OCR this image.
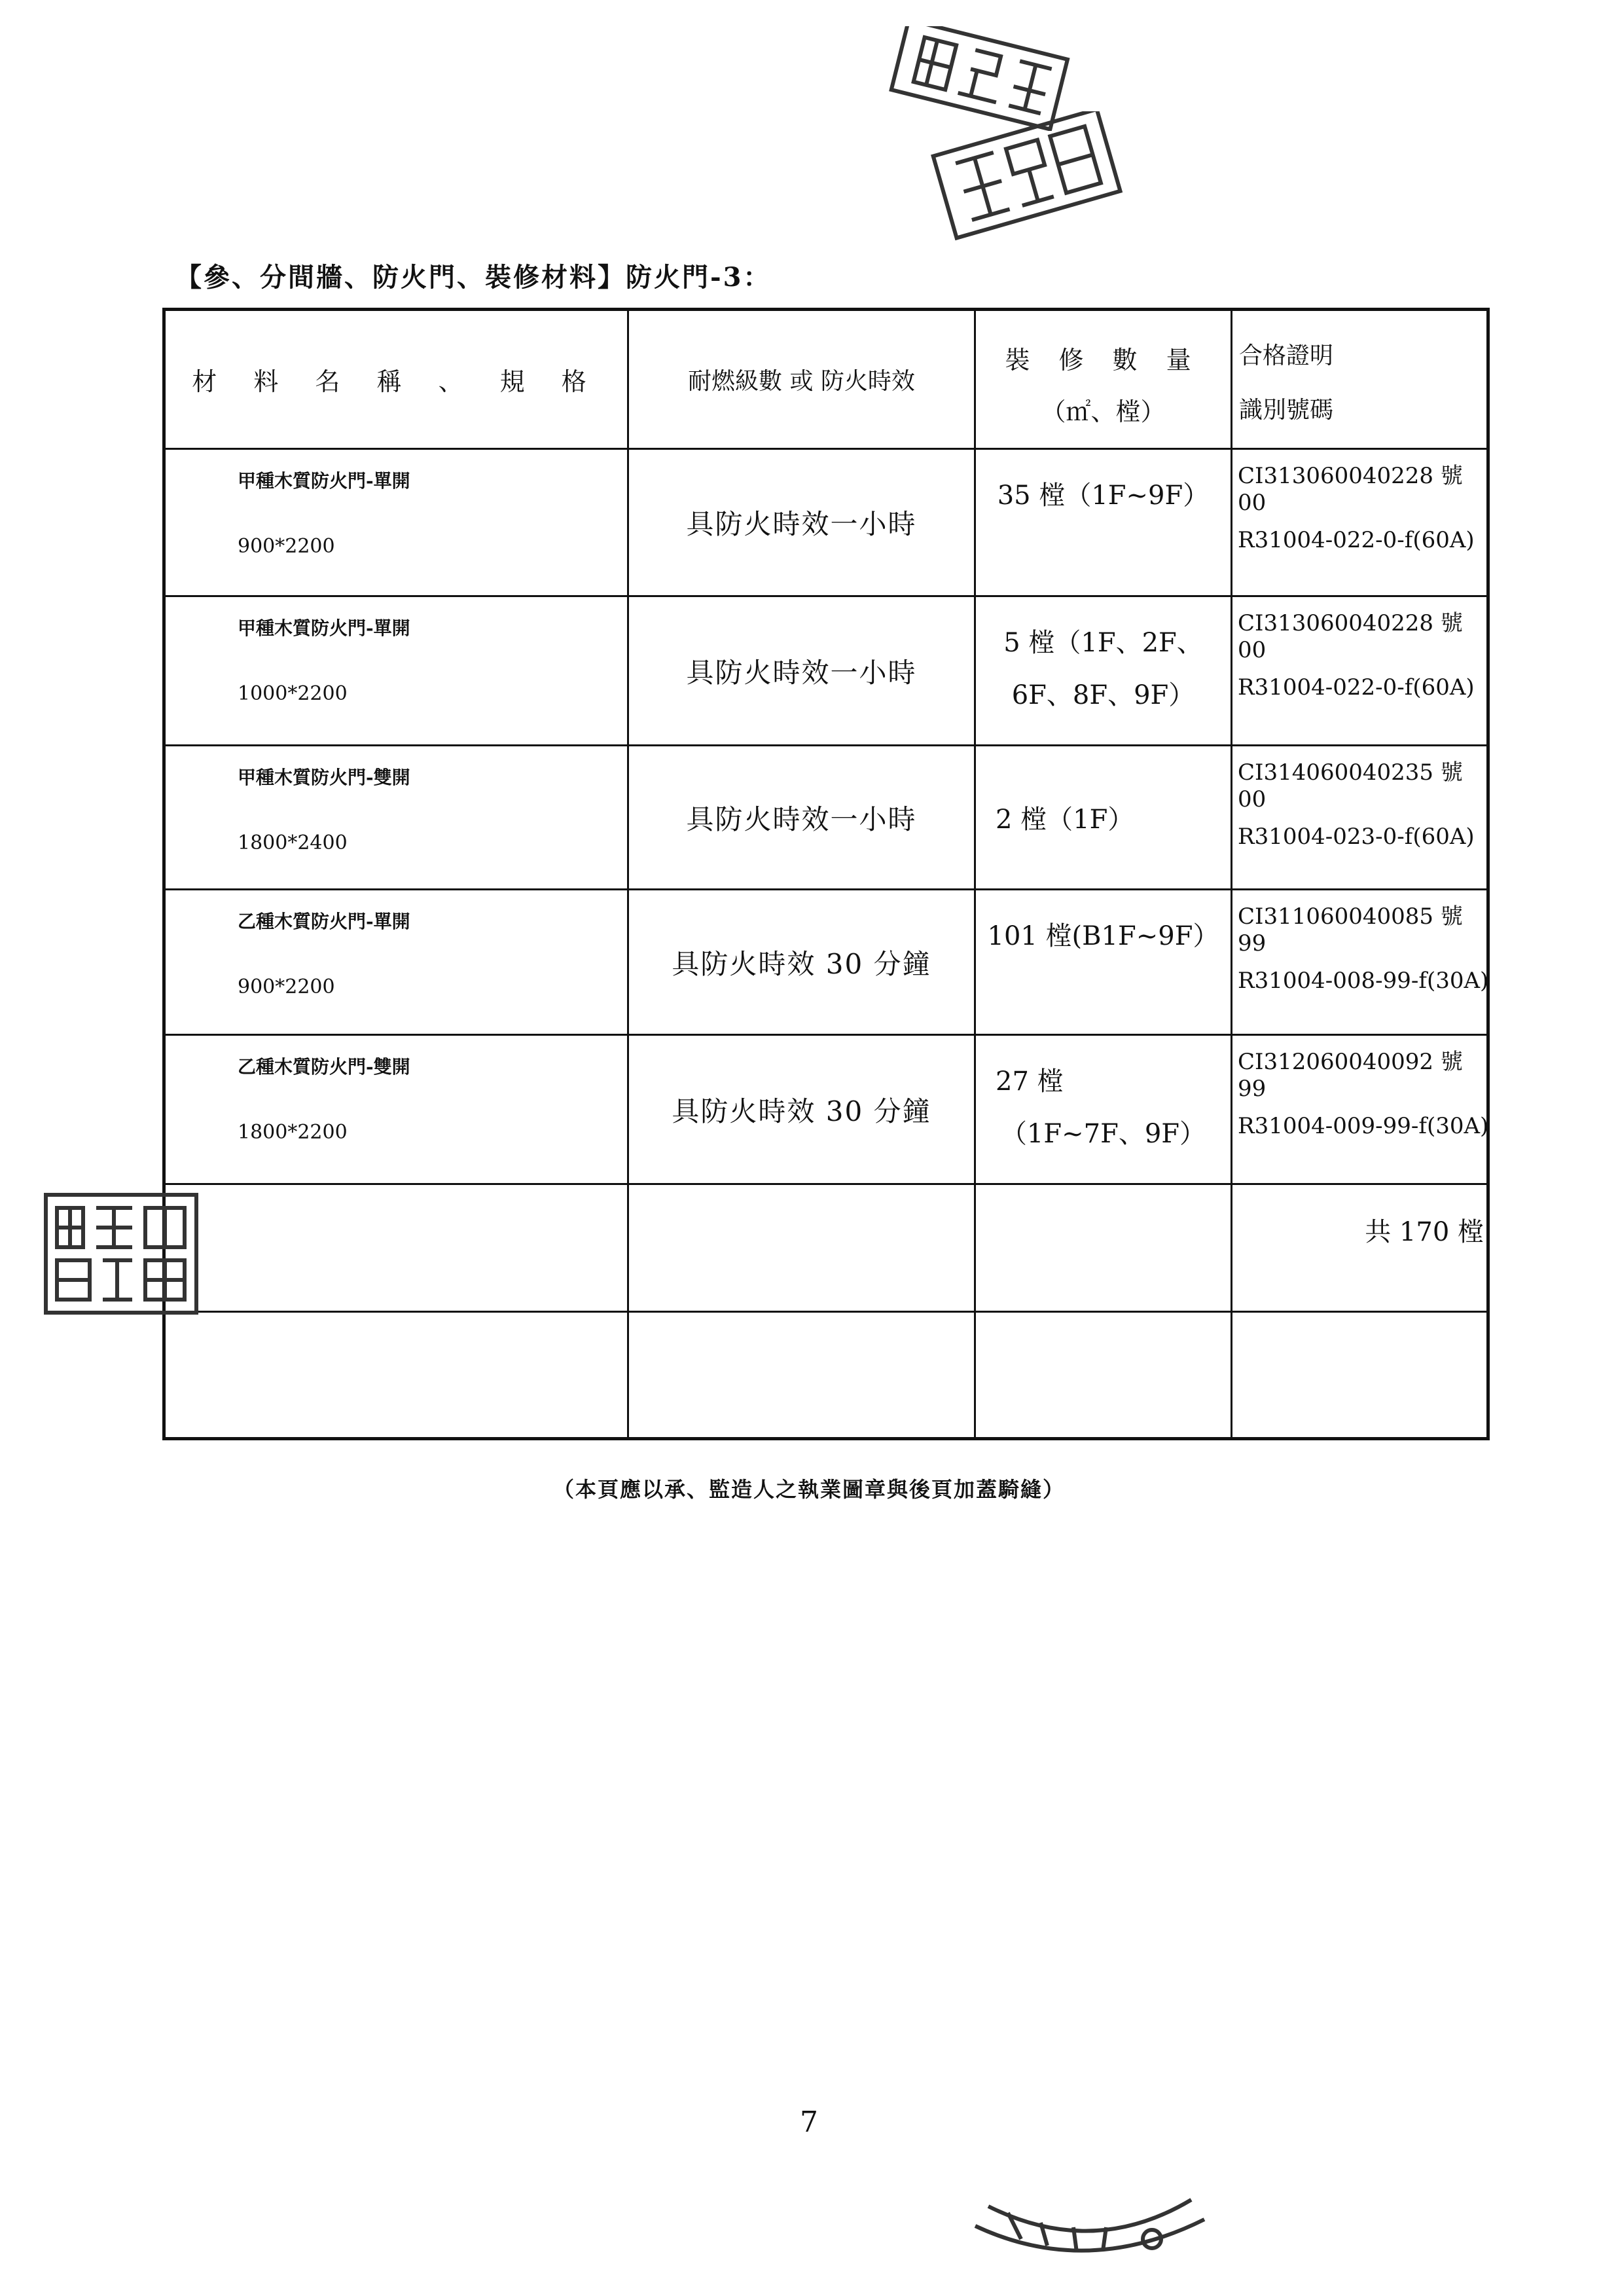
【參、分間牆、防火門、裝修材料】防火門-3：
材 料 名 稱 、 規 格	耐燃級數 或 防火時效
裝 修 數 量
（㎡、樘）
合格證明
識別號碼
甲種木質防火門-單開
900*2200
具防火時效一小時
35 樘（1F~9F）
CI313060040228 號 00
R31004-022-0-f(60A)
甲種木質防火門-單開
1000*2200
具防火時效一小時
5 樘（1F、2F、
6F、8F、9F）
CI313060040228 號 00
R31004-022-0-f(60A)
甲種木質防火門-雙開
1800*2400
具防火時效一小時	2 樘（1F）
CI314060040235 號 00
R31004-023-0-f(60A)
乙種木質防火門-單開
900*2200
具防火時效 30 分鐘
101 樘(B1F~9F）
CI311060040085 號 99
R31004-008-99-f(30A)
乙種木質防火門-雙開
1800*2200
具防火時效 30 分鐘
27 樘
（1F~7F、9F）
CI312060040092 號 99
R31004-009-99-f(30A)
共 170 樘
（本頁應以承、監造人之執業圖章與後頁加蓋騎縫）
7
